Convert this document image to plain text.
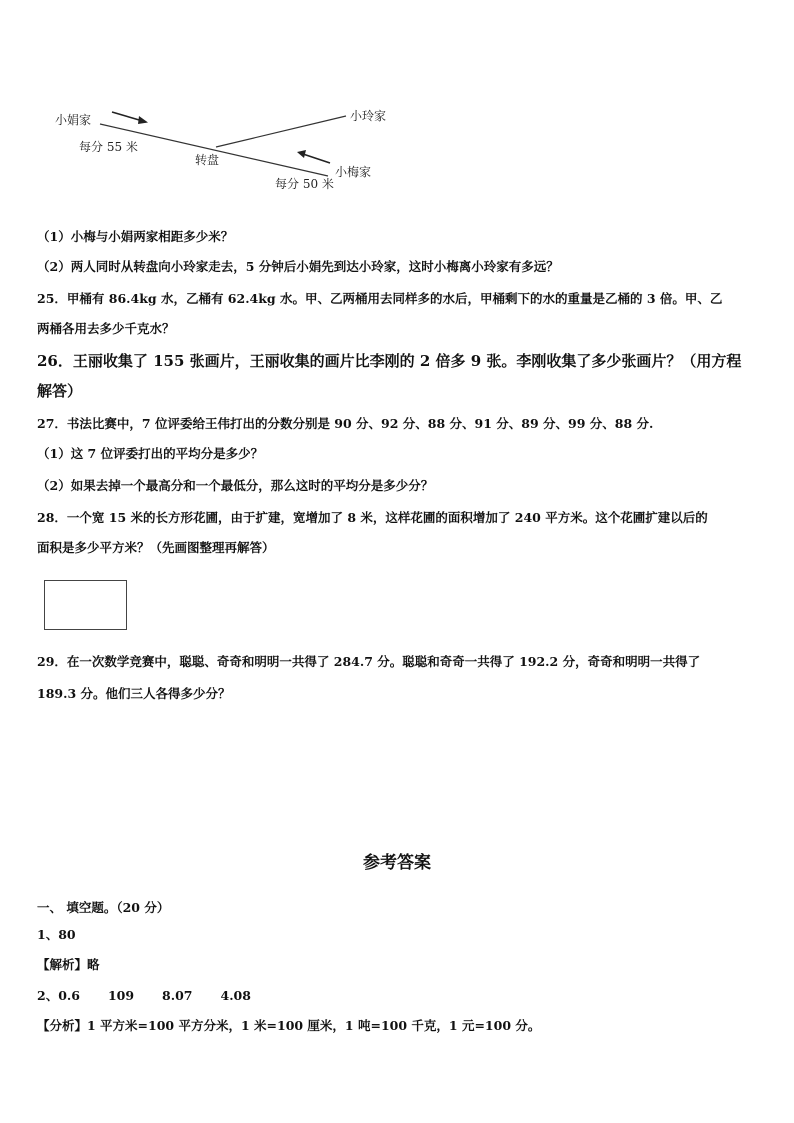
小娟家	小玲家
每分 55 米
转盘
小梅家
每分 50 米
（1）小梅与小娟两家相距多少米？
（2）两人同时从转盘向小玲家走去，5 分钟后小娟先到达小玲家，这时小梅离小玲家有多远？
25．甲桶有 86.4kg 水，乙桶有 62.4kg 水。甲、乙两桶用去同样多的水后，甲桶剩下的水的重量是乙桶的 3 倍。甲、乙
两桶各用去多少千克水？
26．王丽收集了 155 张画片，王丽收集的画片比李刚的 2 倍多 9 张。李刚收集了多少张画片？（用方程
解答）
27．书法比赛中，7 位评委给王伟打出的分数分别是 90 分、92 分、88 分、91 分、89 分、99 分、88 分.
（1）这 7 位评委打出的平均分是多少？
（2）如果去掉一个最高分和一个最低分，那么这时的平均分是多少分？
28．一个宽 15 米的长方形花圃，由于扩建，宽增加了 8 米，这样花圃的面积增加了 240 平方米。这个花圃扩建以后的
面积是多少平方米？（先画图整理再解答）
29．在一次数学竞赛中，聪聪、奇奇和明明一共得了 284.7 分。聪聪和奇奇一共得了 192.2 分，奇奇和明明一共得了
189.3 分。他们三人各得多少分？
参考答案
一、 填空题。（20 分）
1、80
【解析】略
2、0.6 109 8.07 4.08
【分析】1 平方米=100 平方分米，1 米=100 厘米，1 吨=100 千克，1 元=100 分。
